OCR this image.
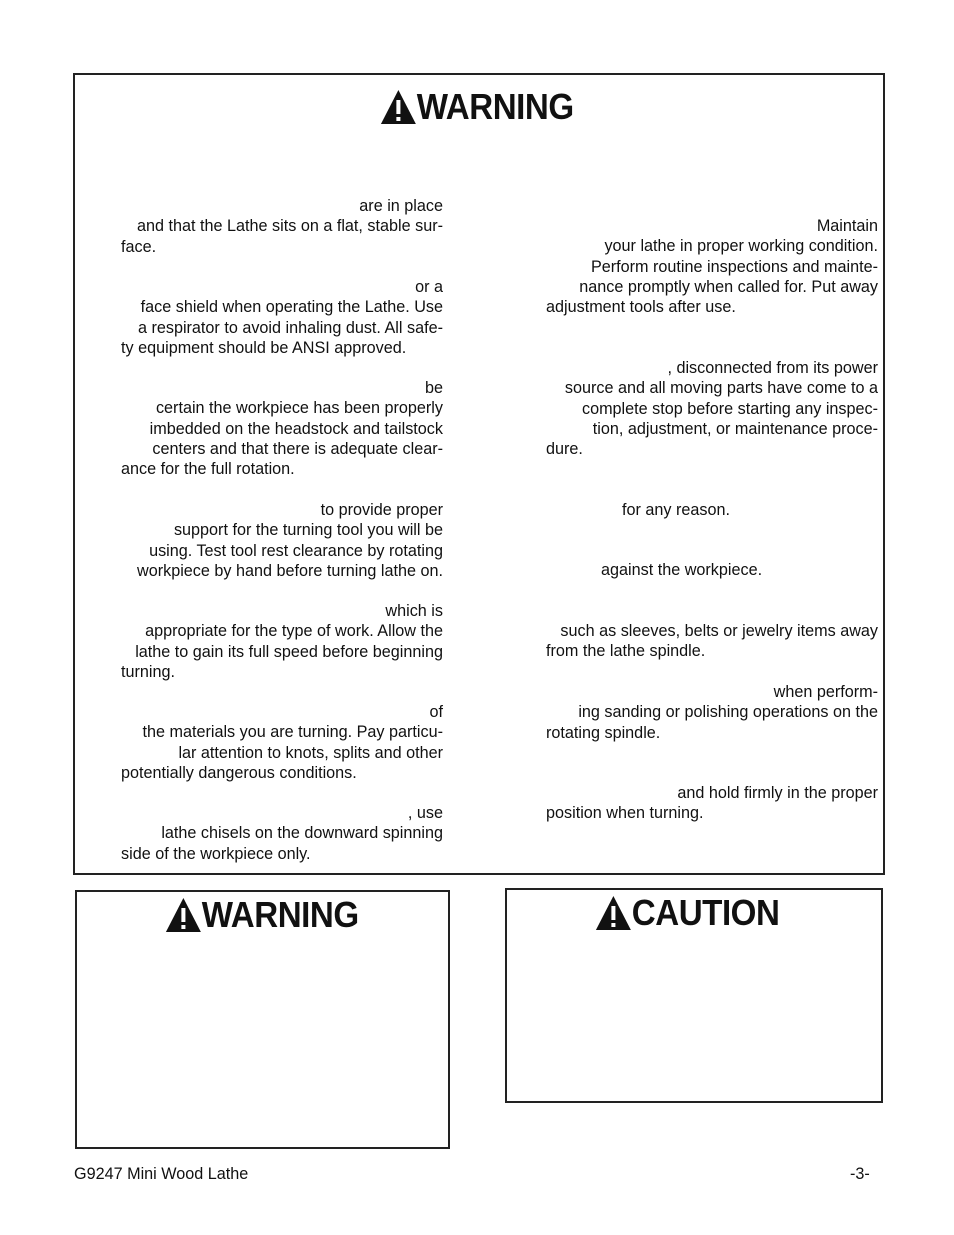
WARNING

are in place

and that the Lathe sits on a flat, stable sur-

face.

or a

face shield when operating the Lathe. Use

a respirator to avoid inhaling dust. All safe-

ty equipment should be ANSI approved.

be

certain the workpiece has been properly

imbedded on the headstock and tailstock

centers and that there is adequate clear-

ance for the full rotation.

to provide proper

support for the turning tool you will be

using. Test tool rest clearance by rotating

workpiece by hand before turning lathe on.

which is

appropriate for the type of work. Allow the

lathe to gain its full speed before beginning

turning.

of

the materials you are turning. Pay particu-

lar attention to knots, splits and other

potentially dangerous conditions.

, use

lathe chisels on the downward spinning

side of the workpiece only.

Maintain

your lathe in proper working condition.

Perform routine inspections and mainte-

nance promptly when called for. Put away

adjustment tools after use.

, disconnected from its power

source and all moving parts have come to a

complete stop before starting any inspec-

tion, adjustment, or maintenance proce-

dure.

for any reason.

against the workpiece.

such as sleeves, belts or jewelry items away

from the lathe spindle.

when perform-

ing sanding or polishing operations on the

rotating spindle.

and hold firmly in the proper

position when turning.

WARNING	CAUTION
G9247 Mini Wood Lathe	-3-
